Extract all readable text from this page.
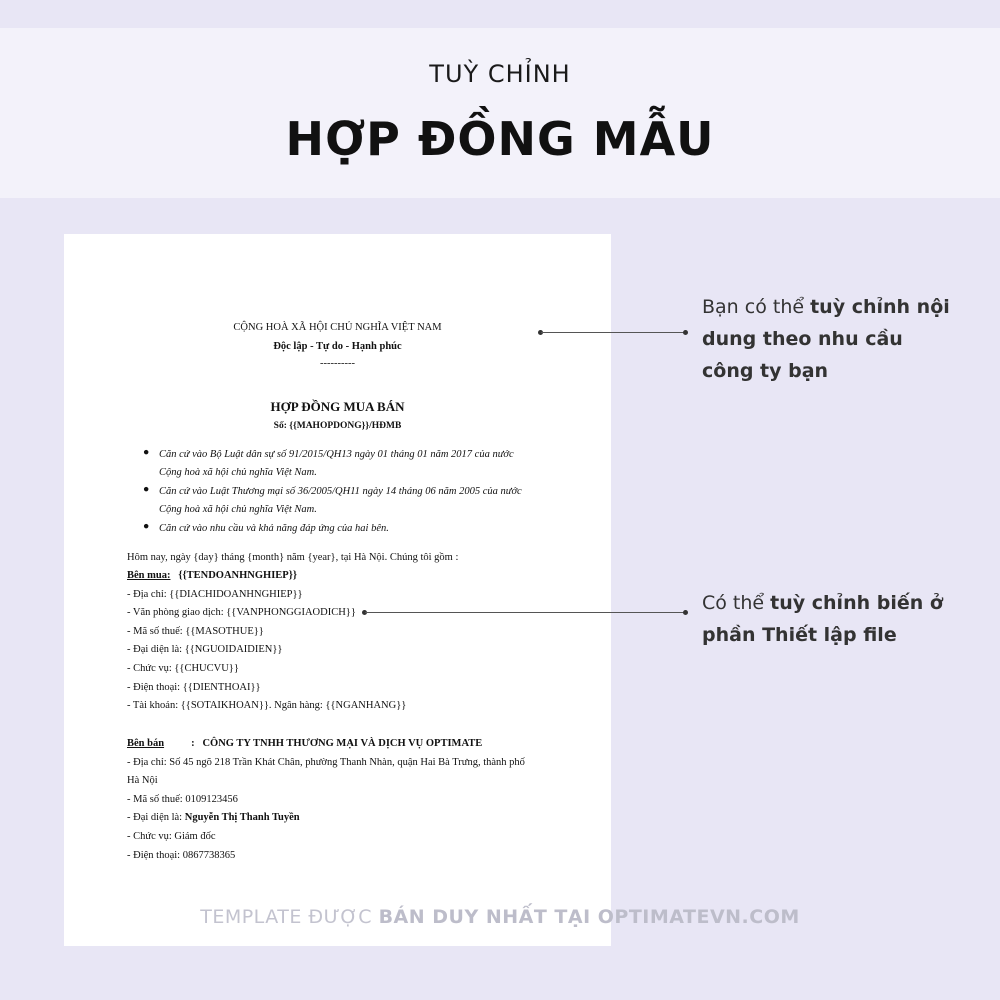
TUỲ CHỈNH
HỢP ĐỒNG MẪU
CỘNG HOÀ XÃ HỘI CHỦ NGHĨA VIỆT NAM
Độc lập - Tự do - Hạnh phúc
----------
HỢP ĐỒNG MUA BÁN
Số: {{MAHOPDONG}}/HĐMB
● Căn cứ vào Bộ Luật dân sự số 91/2015/QH13 ngày 01 tháng 01 năm 2017 của nước
Cộng hoà xã hội chủ nghĩa Việt Nam.
● Căn cứ vào Luật Thương mại số 36/2005/QH11 ngày 14 tháng 06 năm 2005 của nước
Cộng hoà xã hội chủ nghĩa Việt Nam.
● Căn cứ vào nhu cầu và khả năng đáp ứng của hai bên.
Hôm nay, ngày {day} tháng {month} năm {year}, tại Hà Nội. Chúng tôi gồm :
Bên mua: {{TENDOANHNGHIEP}}
- Địa chỉ: {{DIACHIDOANHNGHIEP}}
- Văn phòng giao dịch: {{VANPHONGGIAODICH}}
- Mã số thuế: {{MASOTHUE}}
- Đại diện là: {{NGUOIDAIDIEN}}
- Chức vụ: {{CHUCVU}}
- Điện thoại: {{DIENTHOAI}}
- Tài khoản: {{SOTAIKHOAN}}. Ngân hàng: {{NGANHANG}}
Bên bán	: CÔNG TY TNHH THƯƠNG MẠI VÀ DỊCH VỤ OPTIMATE
- Địa chỉ: Số 45 ngõ 218 Trần Khát Chân, phường Thanh Nhàn, quận Hai Bà Trưng, thành phố
Hà Nội
- Mã số thuế: 0109123456
- Đại diện là: Nguyễn Thị Thanh Tuyền
- Chức vụ: Giám đốc
- Điện thoại: 0867738365
Bạn có thể tuỳ chỉnh nội
dung theo nhu cầu
công ty bạn
Có thể tuỳ chỉnh biến ở
phần Thiết lập file
TEMPLATE ĐƯỢC BÁN DUY NHẤT TẠI OPTIMATEVN.COM
